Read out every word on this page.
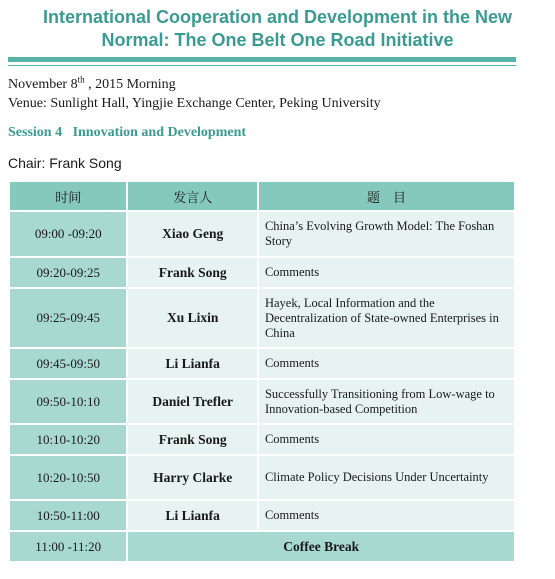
International Cooperation and Development in the New
Normal: The One Belt One Road Initiative
November 8th , 2015 Morning
Venue: Sunlight Hall, Yingjie Exchange Center, Peking University
Session 4   Innovation and Development
Chair: Frank Song
时间	发言人	题    目
09:00 -09:20	Xiao Geng	China’s Evolving Growth Model: The Foshan Story
09:20-09:25	Frank Song	Comments
09:25-09:45	Xu Lixin	Hayek, Local Information and the Decentralization of State-owned Enterprises in China
09:45-09:50	Li Lianfa	Comments
09:50-10:10	Daniel Trefler	Successfully Transitioning from Low-wage to Innovation-based Competition
10:10-10:20	Frank Song	Comments
10:20-10:50	Harry Clarke	Climate Policy Decisions Under Uncertainty
10:50-11:00	Li Lianfa	Comments
11:00 -11:20	Coffee Break	
